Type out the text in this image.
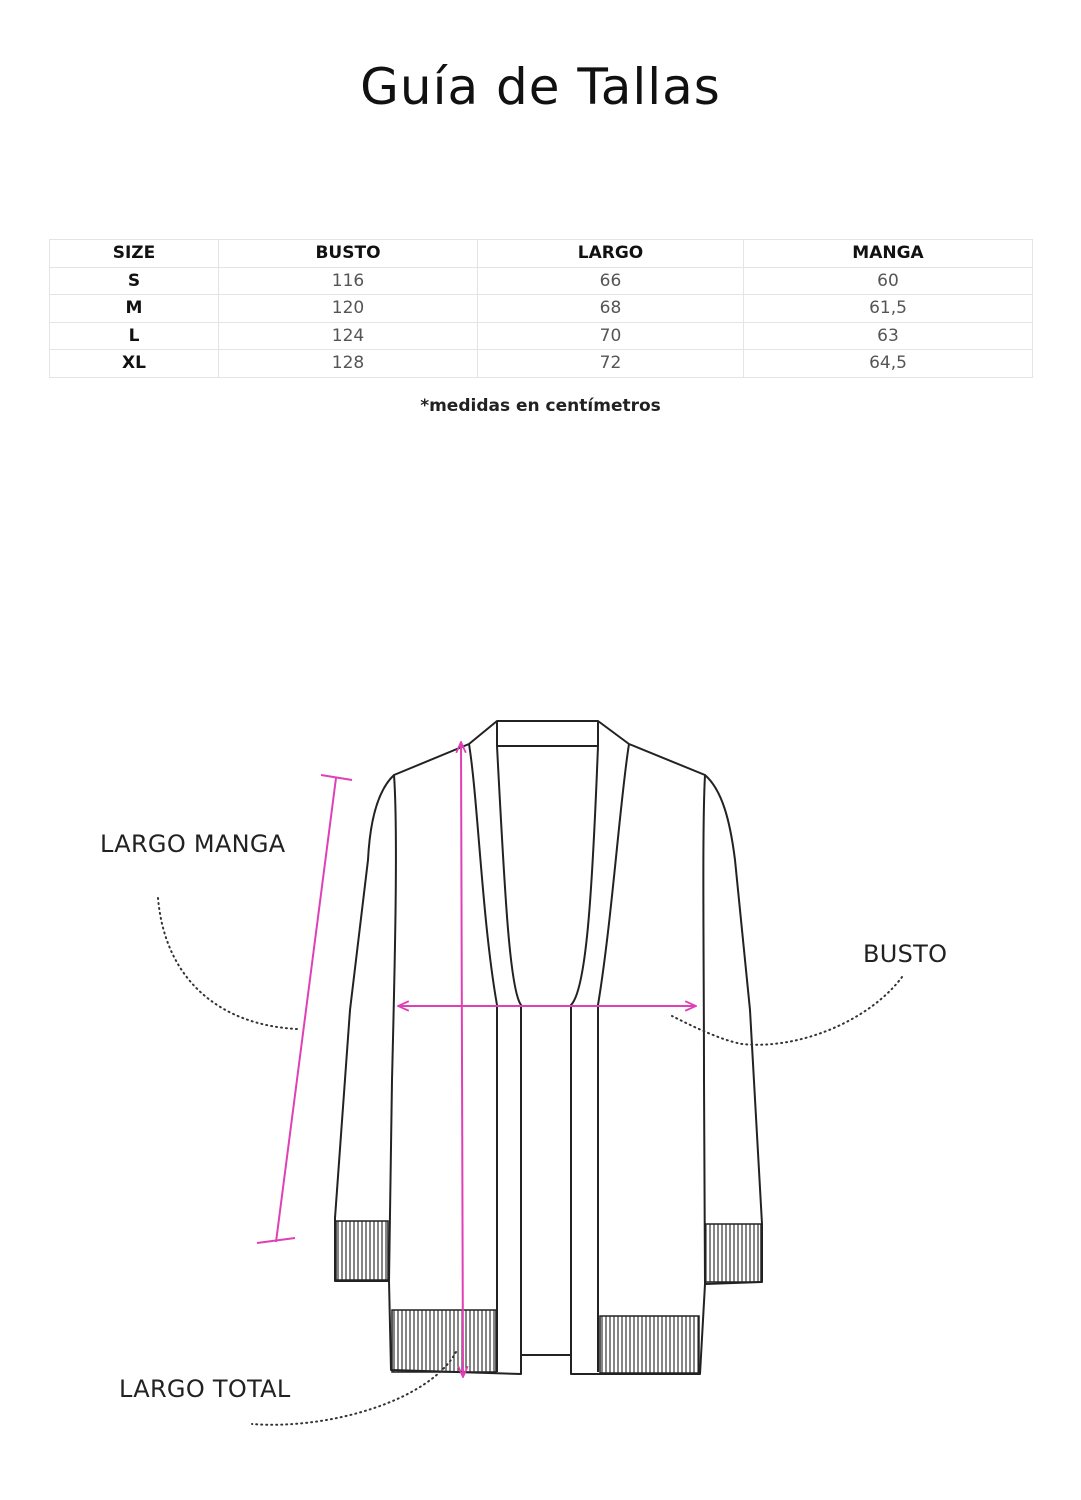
Guía de Tallas
SIZE	BUSTO	LARGO	MANGA
S	116	66	60
M	120	68	61,5
L	124	70	63
XL	128	72	64,5
*medidas en centímetros
LARGO MANGA
BUSTO
LARGO TOTAL
